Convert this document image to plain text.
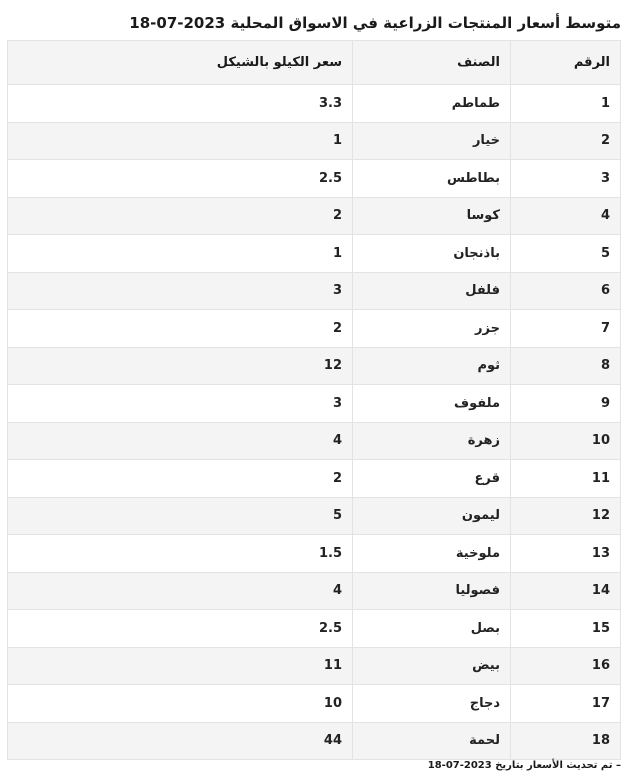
متوسط أسعار المنتجات الزراعية في الاسواق المحلية 2023-07-18
الرقم	الصنف	سعر الكيلو بالشيكل
1	طماطم	3.3
2	خيار	1
3	بطاطس	2.5
4	كوسا	2
5	باذنجان	1
6	فلفل	3
7	جزر	2
8	ثوم	12
9	ملفوف	3
10	زهرة	4
11	قرع	2
12	ليمون	5
13	ملوخية	1.5
14	فصوليا	4
15	بصل	2.5
16	بيض	11
17	دجاج	10
18	لحمة	44

– تم تحديث الأسعار بتاريخ 2023-07-18
